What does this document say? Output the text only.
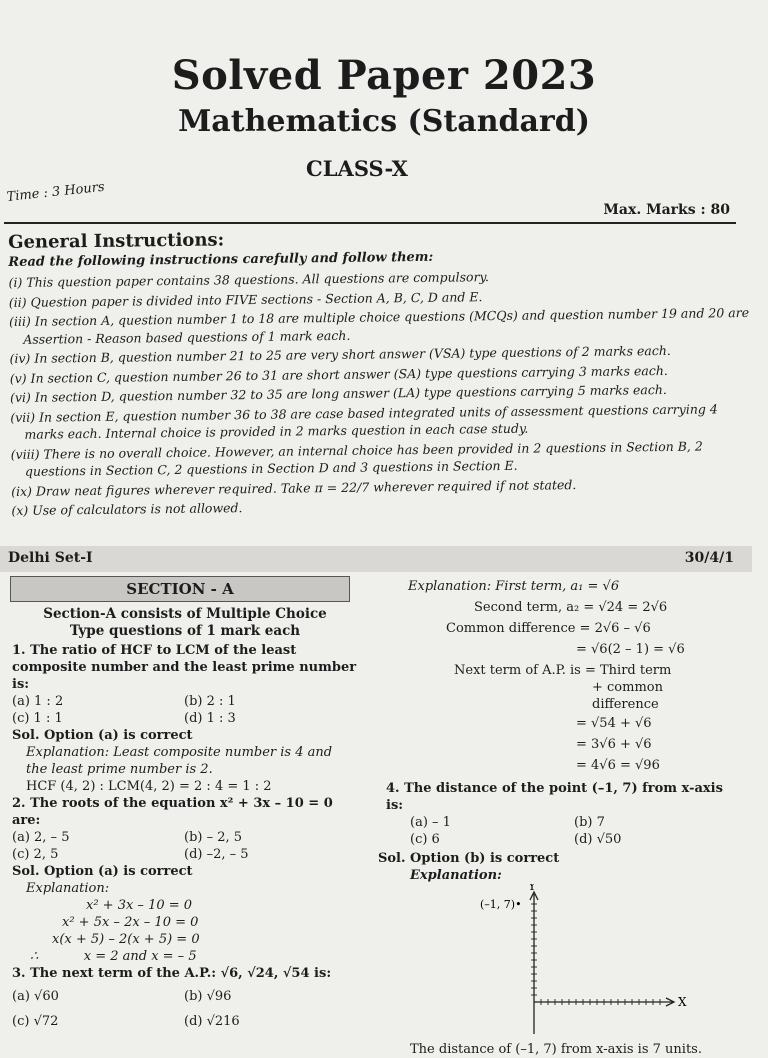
Solved Paper 2023
Mathematics (Standard)
CLASS-X
Time : 3 Hours
Max. Marks : 80
General Instructions:
Read the following instructions carefully and follow them:
(i) This question paper contains 38 questions. All questions are compulsory.
(ii) Question paper is divided into FIVE sections - Section A, B, C, D and E.
(iii) In section A, question number 1 to 18 are multiple choice questions (MCQs) and question number 19 and 20 are Assertion - Reason based questions of 1 mark each.
(iv) In section B, question number 21 to 25 are very short answer (VSA) type questions of 2 marks each.
(v) In section C, question number 26 to 31 are short answer (SA) type questions carrying 3 marks each.
(vi) In section D, question number 32 to 35 are long answer (LA) type questions carrying 5 marks each.
(vii) In section E, question number 36 to 38 are case based integrated units of assessment questions carrying 4 marks each. Internal choice is provided in 2 marks question in each case study.
(viii) There is no overall choice. However, an internal choice has been provided in 2 questions in Section B, 2 questions in Section C, 2 questions in Section D and 3 questions in Section E.
(ix) Draw neat figures wherever required. Take π = 22/7 wherever required if not stated.
(x) Use of calculators is not allowed.
Delhi Set-I	30/4/1
SECTION - A
Section-A consists of Multiple Choice
Type questions of 1 mark each
1. The ratio of HCF to LCM of the least composite number and the least prime number is:
(a) 1 : 2	(b) 2 : 1
(c) 1 : 1	(d) 1 : 3
Sol. Option (a) is correct
Explanation: Least composite number is 4 and the least prime number is 2.
HCF (4, 2) : LCM(4, 2) = 2 : 4 = 1 : 2
2. The roots of the equation x² + 3x – 10 = 0 are:
(a) 2, – 5	(b) – 2, 5
(c) 2, 5	(d) –2, – 5
Sol. Option (a) is correct
Explanation:
x² + 3x – 10 = 0
x² + 5x – 2x – 10 = 0
x(x + 5) – 2(x + 5) = 0
∴           x = 2 and x = – 5
3. The next term of the A.P.: √6, √24, √54 is:
(a) √60	(b) √96
(c) √72	(d) √216
Explanation: First term, a₁ = √6
Second term, a₂ = √24 = 2√6
Common difference = 2√6 – √6
= √6(2 – 1) = √6
Next term of A.P. is = Third term
+ common difference
= √54 + √6
= 3√6 + √6
= 4√6 = √96
4. The distance of the point (–1, 7) from x-axis is:
(a) – 1	(b) 7
(c) 6	(d) √50
Sol. Option (b) is correct
Explanation:
Y
X
(–1, 7)•
The distance of (–1, 7) from x-axis is 7 units.
